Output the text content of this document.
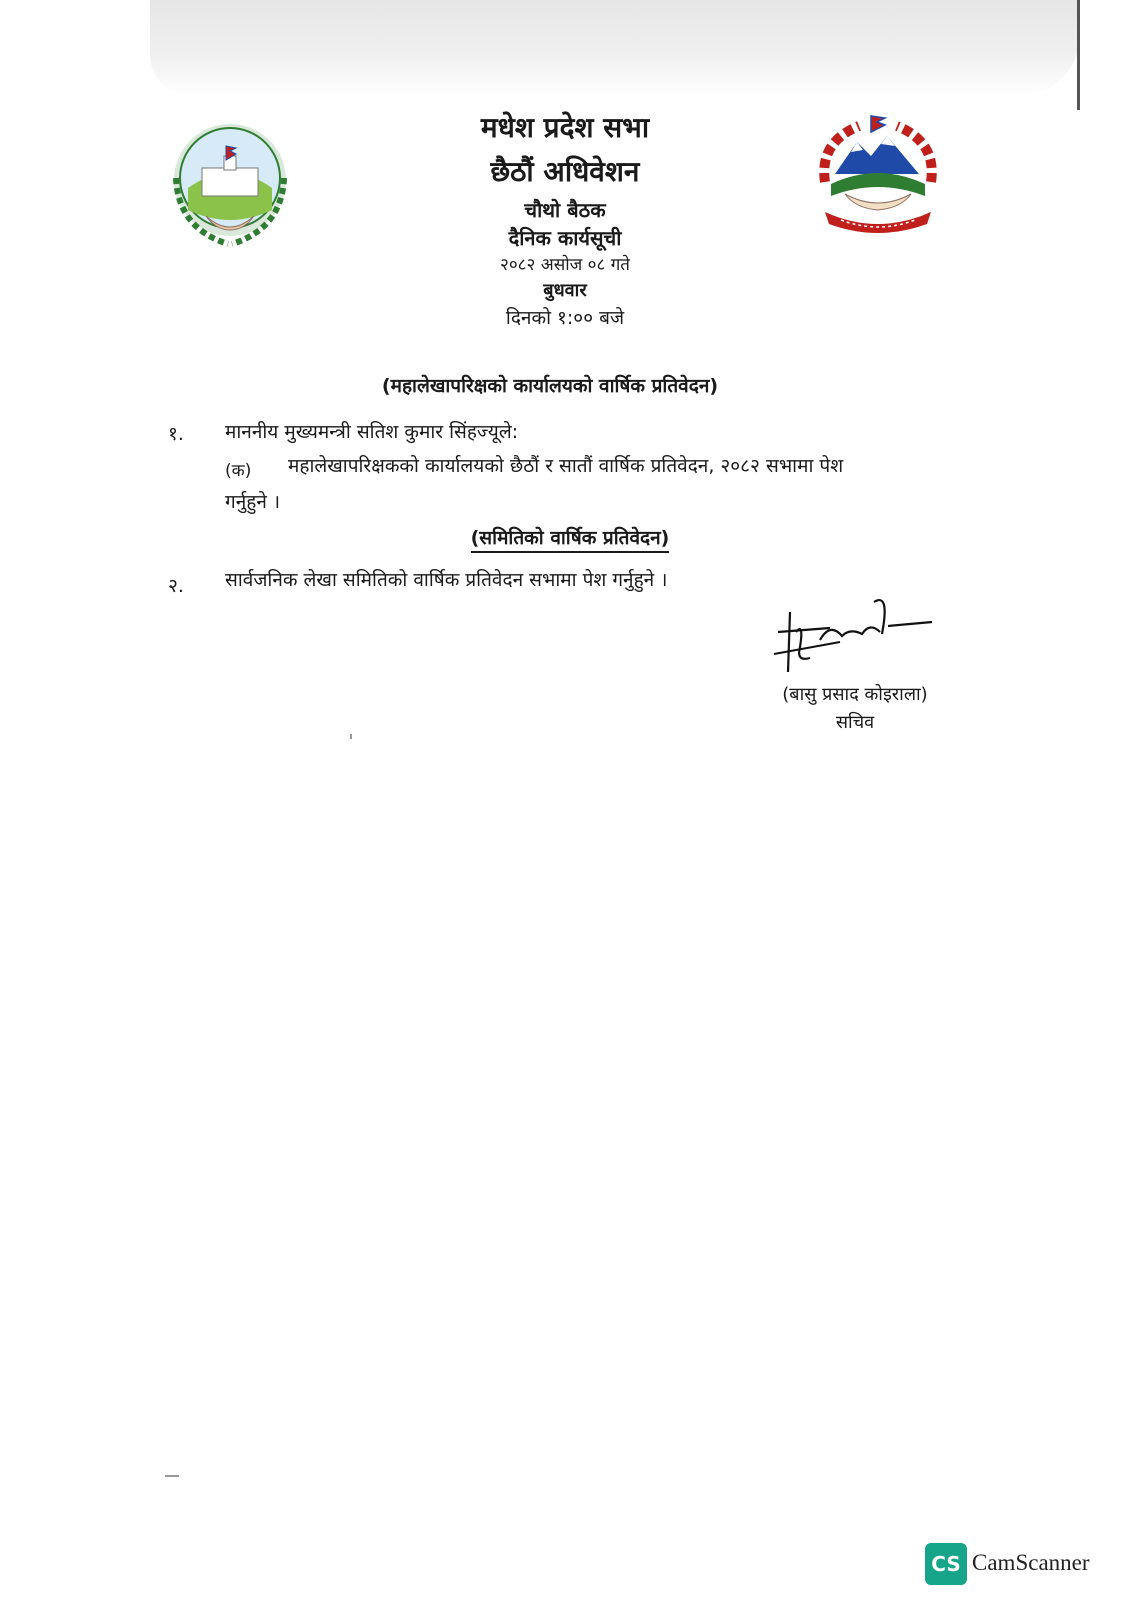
मधेश प्रदेश सभा
छैठौं अधिवेशन
चौथो बैठक
दैनिक कार्यसूची
२०८२ असोज ०८ गते
बुधवार
दिनको १:०० बजे
(महालेखापरिक्षको कार्यालयको वार्षिक प्रतिवेदन)
१. माननीय मुख्यमन्त्री सतिश कुमार सिंहज्यूले:
(क) महालेखापरिक्षकको कार्यालयको छैठौं र सातौं वार्षिक प्रतिवेदन, २०८२ सभामा पेश
गर्नुहुने ।
(समितिको वार्षिक प्रतिवेदन)
२. सार्वजनिक लेखा समितिको वार्षिक प्रतिवेदन सभामा पेश गर्नुहुने ।
(बासु प्रसाद कोइराला)
सचिव
CS CamScanner
